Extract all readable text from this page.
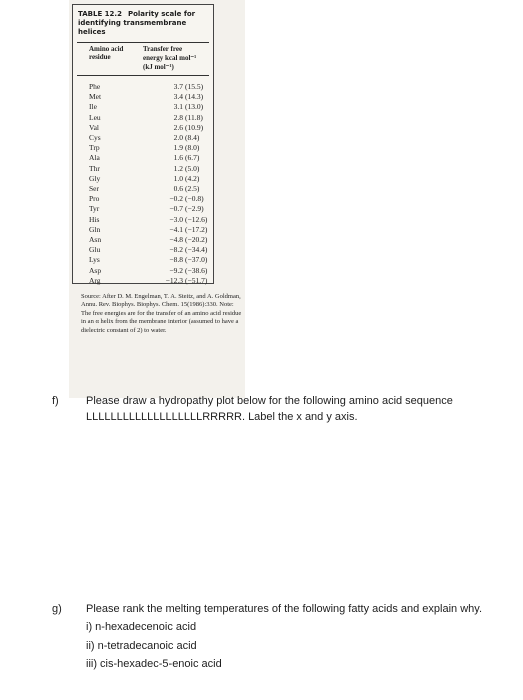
TABLE 12.2 Polarity scale for identifying transmembrane helices
Amino acid residue
Transfer free
energy kcal mol⁻¹
(kJ mol⁻¹)
Phe	3.7 (15.5)
Met	3.4 (14.3)
Ile	3.1 (13.0)
Leu	2.8 (11.8)
Val	2.6 (10.9)
Cys	2.0 (8.4)
Trp	1.9 (8.0)
Ala	1.6 (6.7)
Thr	1.2 (5.0)
Gly	1.0 (4.2)
Ser	0.6 (2.5)
Pro	−0.2 (−0.8)
Tyr	−0.7 (−2.9)
His	−3.0 (−12.6)
Gln	−4.1 (−17.2)
Asn	−4.8 (−20.2)
Glu	−8.2 (−34.4)
Lys	−8.8 (−37.0)
Asp	−9.2 (−38.6)
Arg	−12.3 (−51.7)
Source: After D. M. Engelman, T. A. Steitz, and A. Goldman, Annu. Rev. Biophys. Biophys. Chem. 15(1986):330. Note: The free energies are for the transfer of an amino acid residue in an α helix from the membrane interior (assumed to have a dielectric constant of 2) to water.
f) Please draw a hydropathy plot below for the following amino acid sequence
LLLLLLLLLLLLLLLLLLLRRRRR. Label the x and y axis.
g) Please rank the melting temperatures of the following fatty acids and explain why.
i) n-hexadecenoic acid
ii) n-tetradecanoic acid
iii) cis-hexadec-5-enoic acid
